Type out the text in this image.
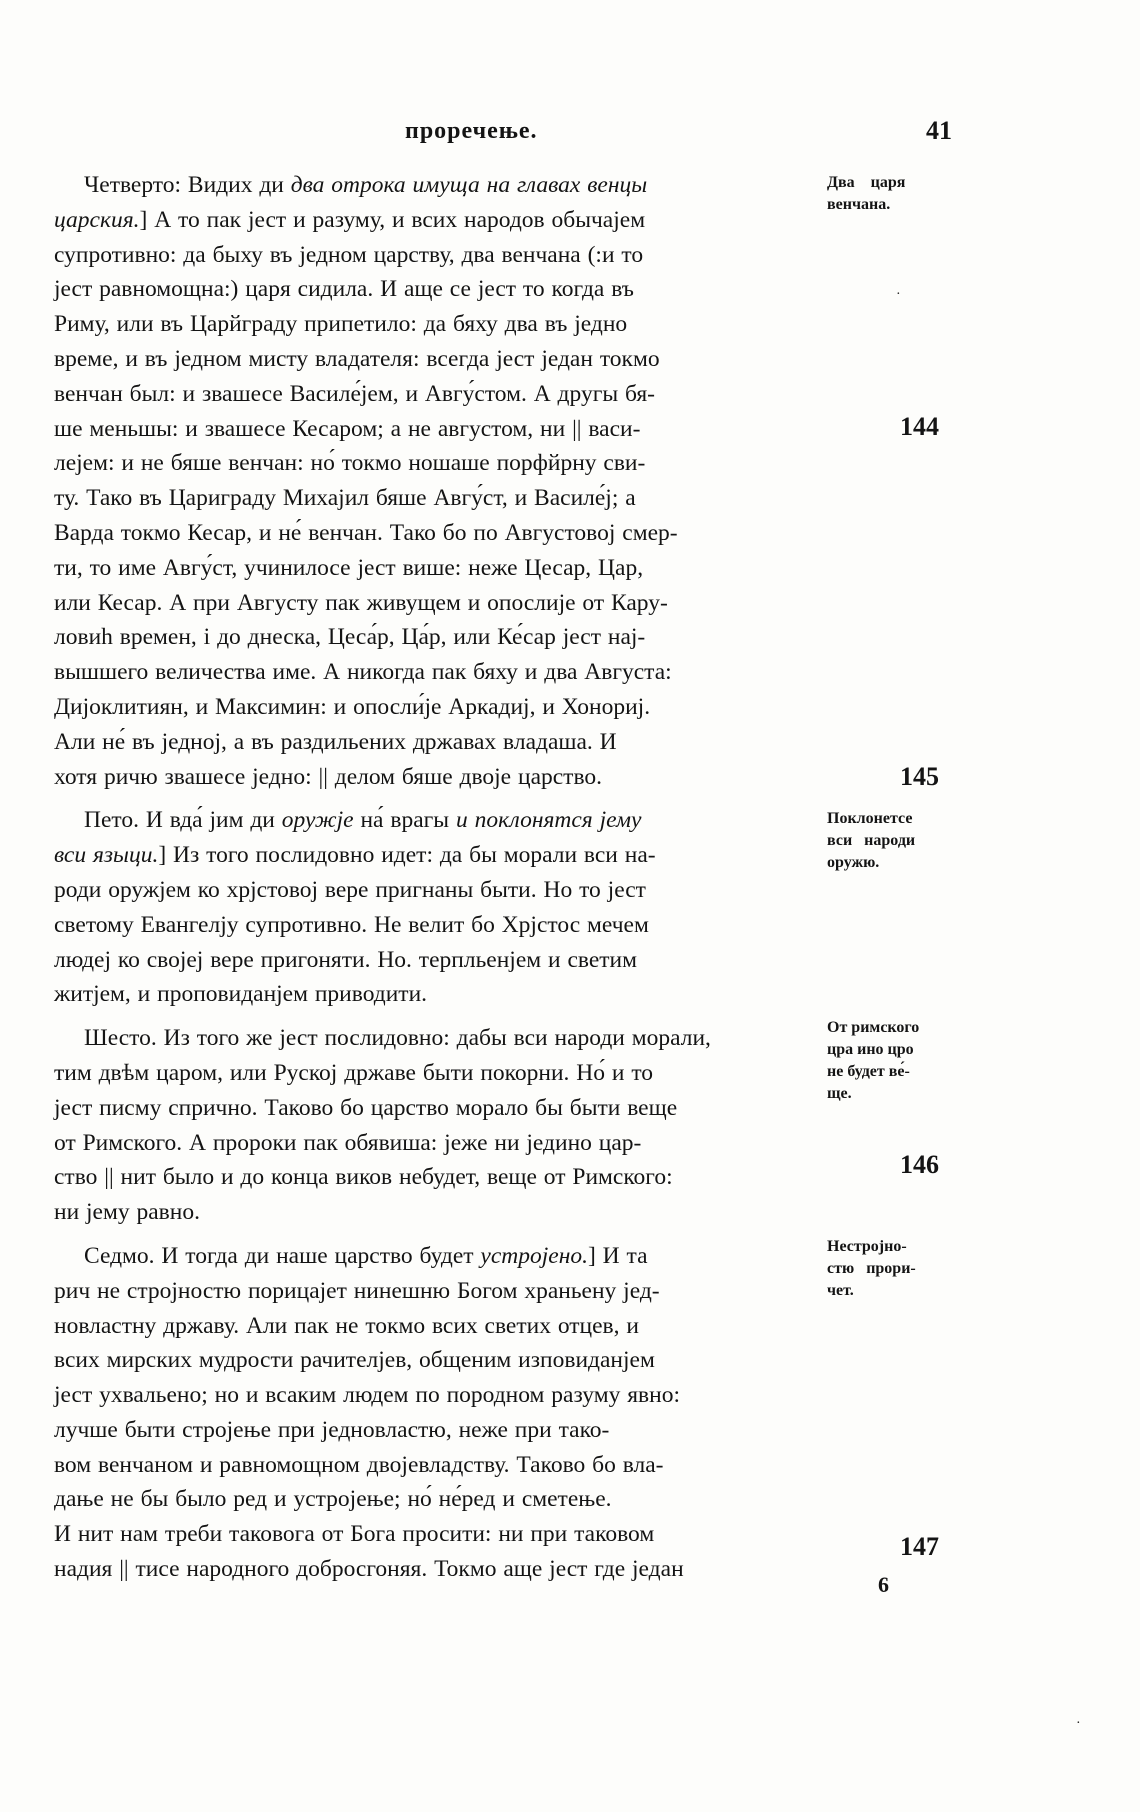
проречење.	41
Четверто: Видих ди два отрока имуща на главах венцы
царския.] А то пак јест и разуму, и всих народов обычајем
супротивно: да быху въ једном царству, два венчана (:и то
јест равномощна:) царя сидила. И аще се јест то когда въ
Риму, или въ Царйграду припетило: да бяху два въ једно
време, и въ једном мисту владателя: всегда јест један токмо
венчан был: и звашесе Василе́јем, и Авгу́стом. А другы бя-
ше меньшы: и звашесе Кесаром; а не августом, ни || васи-
лејем: и не бяше венчан: но́ токмо ношаше порфйрну сви-
ту. Тако въ Цариграду Михајил бяше Авгу́ст, и Василе́ј; а
Варда токмо Кесар, и не́ венчан. Тако бо по Августовој смер-
ти, то име Авгу́ст, учинилосе јест више: неже Цесар, Цар,
или Кесар. А при Августу пак живущем и опослије от Кару-
ловиһ времен, і до днеска, Цеса́р, Ца́р, или Ке́сар јест нај-
вышшего величества име. А никогда пак бяху и два Августа:
Дијоклитиян, и Максимин: и опосли́је Аркадиј, и Хонориј.
Али не́ въ једној, а въ раздильених државах владаша. И
хотя ричю звашесе једно: || делом бяше двоје царство.
Пето. И вда́ јим ди оружје на́ врагы и поклонятся јему
вси языци.] Из того послидовно идет: да бы морали вси на-
роди оружјем ко хрјстовој вере пригнаны быти. Но то јест
светому Евангелју супротивно. Не велит бо Хрјстос мечем
людеј ко својеј вере пригоняти. Но. терпльенјем и светим
житјем, и проповиданјем приводити.
Шесто. Из того же јест послидовно: дабы вси народи морали,
тим двѣм царом, или Рускоj државе быти покорни. Но́ и то
јест писму спрично. Таково бо царство морало бы быти веще
от Римского. А пророки пак обявиша: јеже ни једино цар-
ство || нит было и до конца виков небудет, веще от Римского:
ни јему равно.
Седмо. И тогда ди наше царство будет устројено.] И та
рич не стројностю порицајет нинешню Богом храньену јед-
новластну државу. Али пак не токмо всих светих отцев, и
всих мирских мудрости рачителјев, общеним изповиданјем
јест ухвальено; но и всаким людем по породном разуму явно:
лучше быти стројење при једновластю, неже при тако-
вом венчаном и равномощном двојевладству. Таково бо вла-
дање не бы было ред и устројење; но́ не́ред и сметење.
И нит нам треби таковога от Бога просити: ни при таковом
надия || тисе народного добросгоняя. Токмо аще јест где један
Два    царя
венчана.
Поклонетсе
вси   народи
оружю.
От римского
цра ино цро
не будет ве́-
ще.
Нестројно-
стю   прори-
чет.
144
145
146
147
6
·
·
